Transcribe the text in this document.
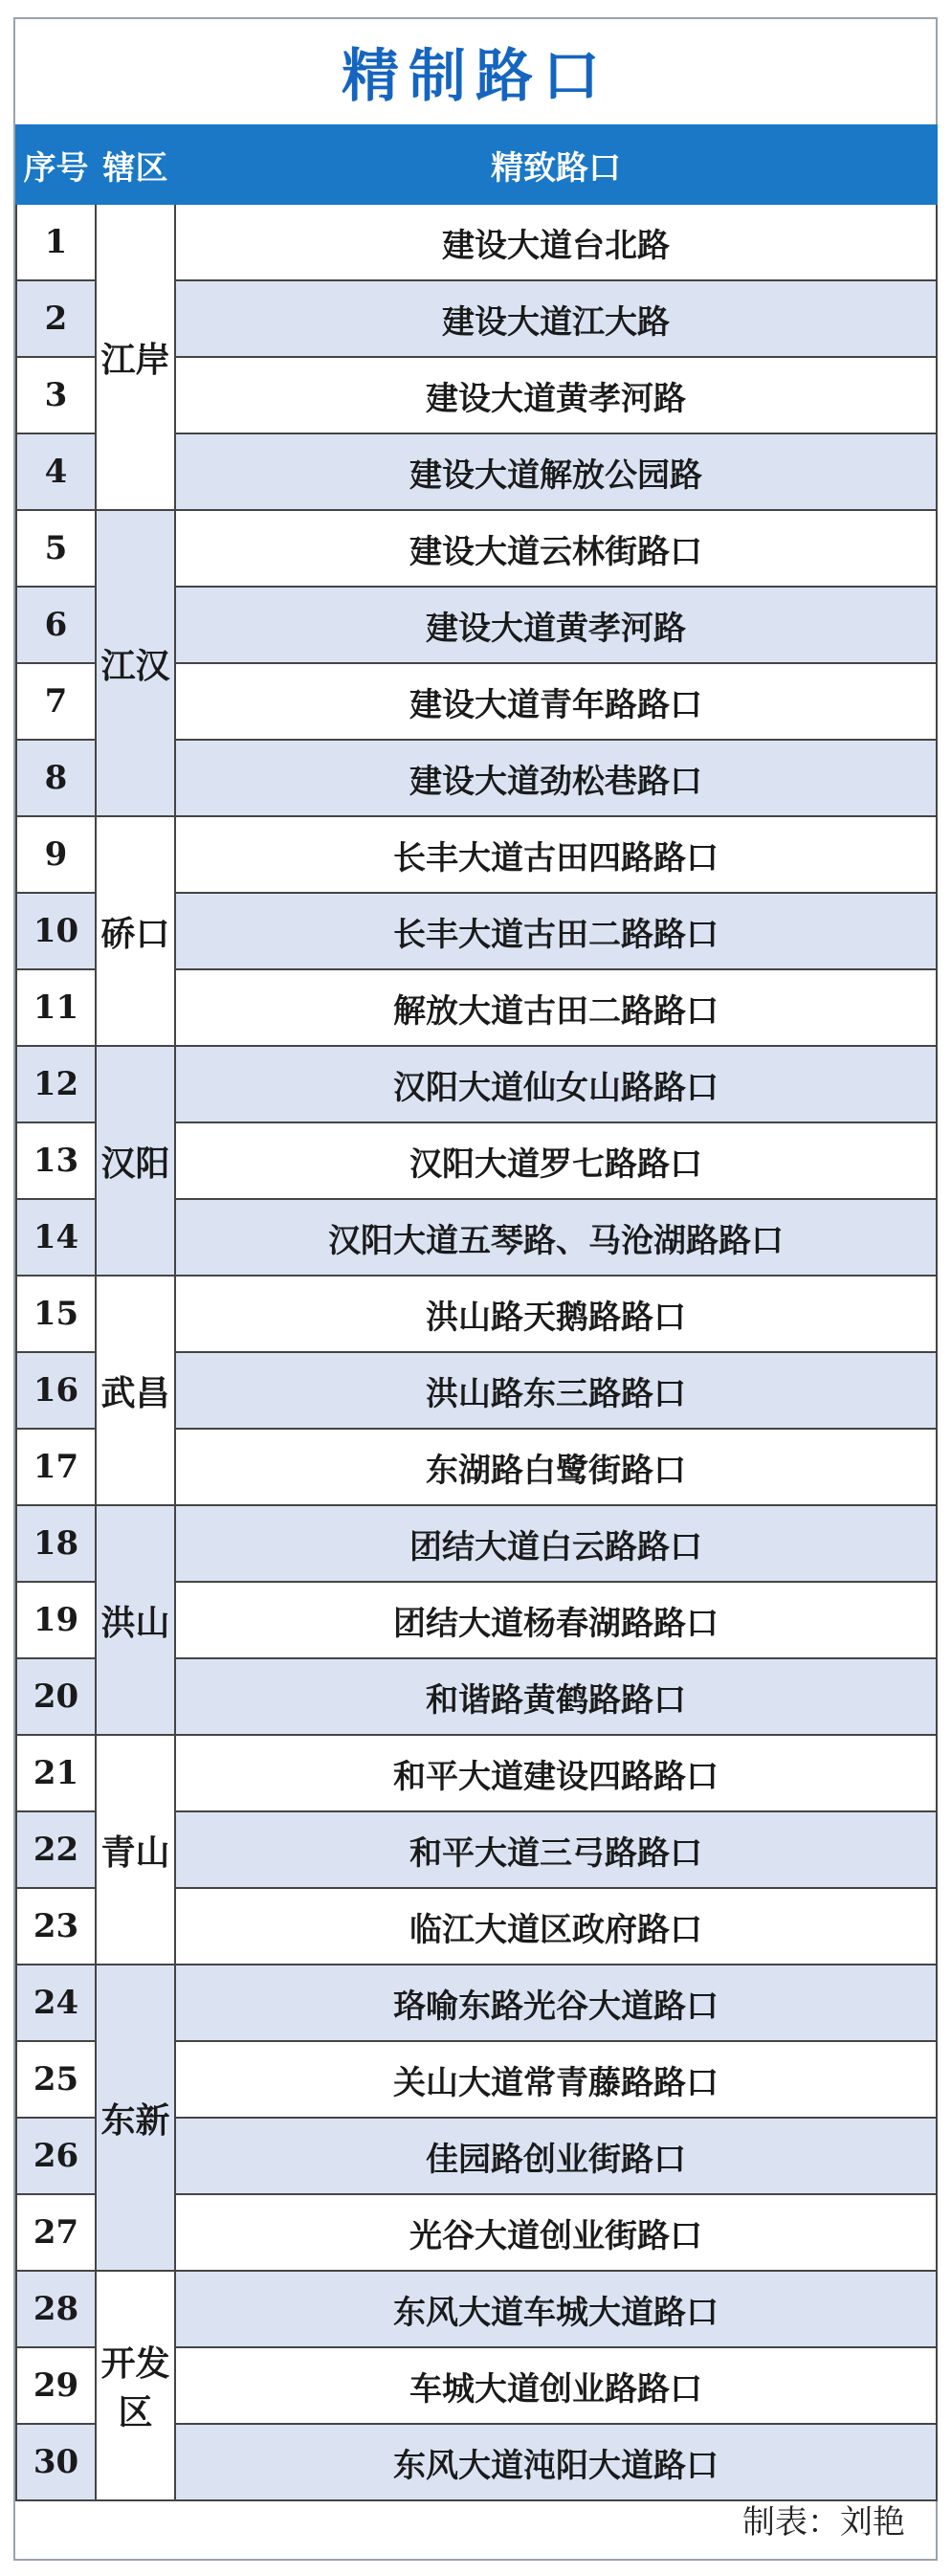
精制路口
序号	辖区	精致路口
1	江岸	建设大道台北路
2		建设大道江大路
3		建设大道黄孝河路
4		建设大道解放公园路
5	江汉	建设大道云林街路口
6		建设大道黄孝河路
7		建设大道青年路路口
8		建设大道劲松巷路口
9	硚口	长丰大道古田四路路口
10		长丰大道古田二路路口
11		解放大道古田二路路口
12	汉阳	汉阳大道仙女山路路口
13		汉阳大道罗七路路口
14		汉阳大道五琴路、马沧湖路路口
15	武昌	洪山路天鹅路路口
16		洪山路东三路路口
17		东湖路白鹭街路口
18	洪山	团结大道白云路路口
19		团结大道杨春湖路路口
20		和谐路黄鹤路路口
21	青山	和平大道建设四路路口
22		和平大道三弓路路口
23		临江大道区政府路口
24	东新	珞喻东路光谷大道路口
25		关山大道常青藤路路口
26		佳园路创业街路口
27		光谷大道创业街路口
28	开发区	东风大道车城大道路口
29		车城大道创业路路口
30		东风大道沌阳大道路口
制表：刘艳
